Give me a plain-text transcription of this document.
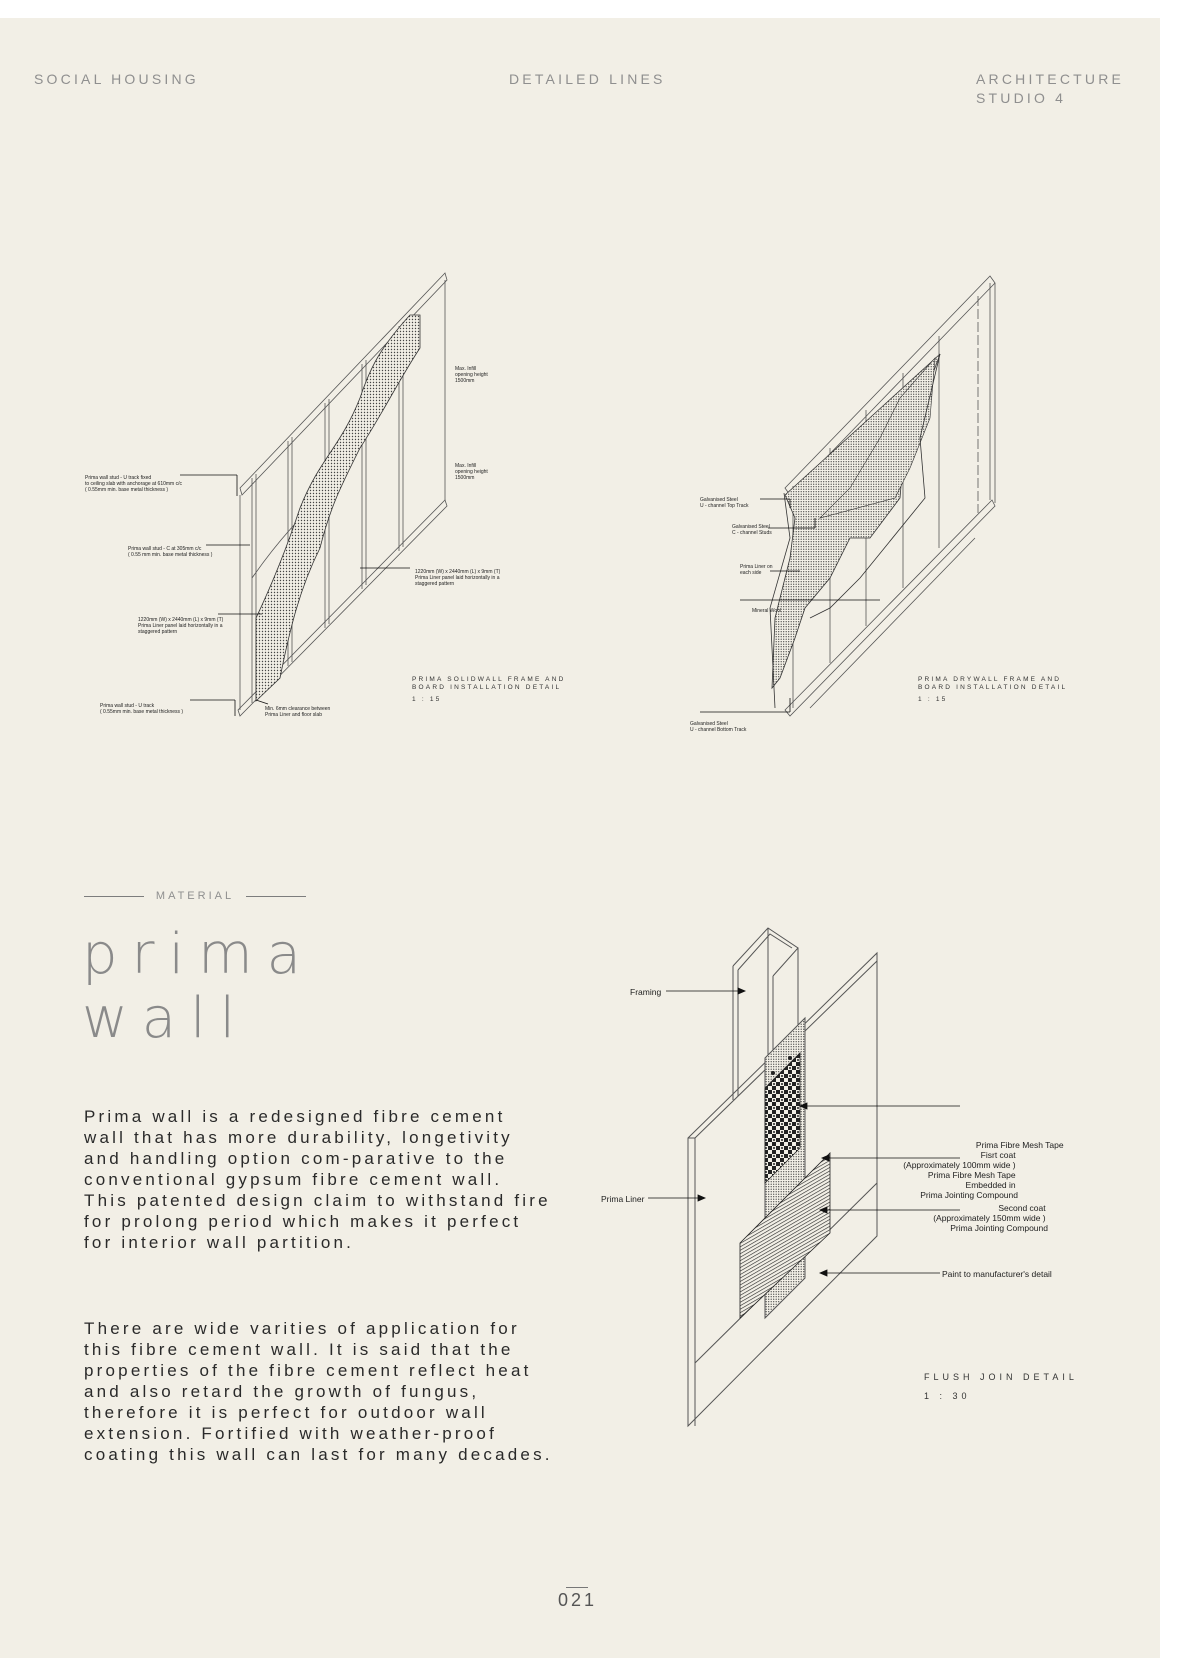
SOCIAL HOUSING	DETAILED LINES	ARCHITECTURE
STUDIO 4
Prima wall stud - U track fixed to ceiling slab with anchorage at 610mm c/c ( 0.55mm min. base metal thickness )
Prima wall stud - C at 305mm c/c ( 0.55 mm min. base metal thickness )
1220mm (W) x 2440mm (L) x 9mm (T) Prima Liner panel laid horizontally in a staggered pattern
Prima wall stud - U track ( 0.55mm min. base metal thickness )	Min. 6mm clearance between Prima Liner and floor slab
Max. Infill opening height 1500mm
Max. Infill opening height 1500mm
1220mm (W) x 2440mm (L) x 9mm (T) Prima Liner panel laid horizontally in a staggered pattern
PRIMA SOLIDWALL FRAME AND BOARD INSTALLATION DETAIL
1 : 15
Galvanised Steel U - channel Top Track
Galvanised Steel C - channel Studs
Prima Liner on each side
Mineral Wool
Galvanised Steel U - channel Bottom Track
PRIMA DRYWALL FRAME AND BOARD INSTALLATION DETAIL
1 : 15
MATERIAL
prima
wall
Prima wall is a redesigned fibre cement wall that has more durability, longetivity and handling option com-parative to the conventional gypsum fibre cement wall. This patented design claim to withstand fire for prolong period which makes it perfect for interior wall partition.
There are wide varities of application for this fibre cement wall. It is said that the properties of the fibre cement reflect heat and also retard the growth of fungus, therefore it is perfect for outdoor wall extension. Fortified with weather-proof coating this wall can last for many decades.
Framing
Prima Liner
Prima Fibre Mesh Tape Fisrt coat (Approximately 100mm wide ) Prima Fibre Mesh Tape Embedded in Prima Jointing Compound
Second coat (Approximately 150mm wide ) Prima Jointing Compound
Paint to manufacturer's detail
FLUSH JOIN DETAIL
1 : 30
021
